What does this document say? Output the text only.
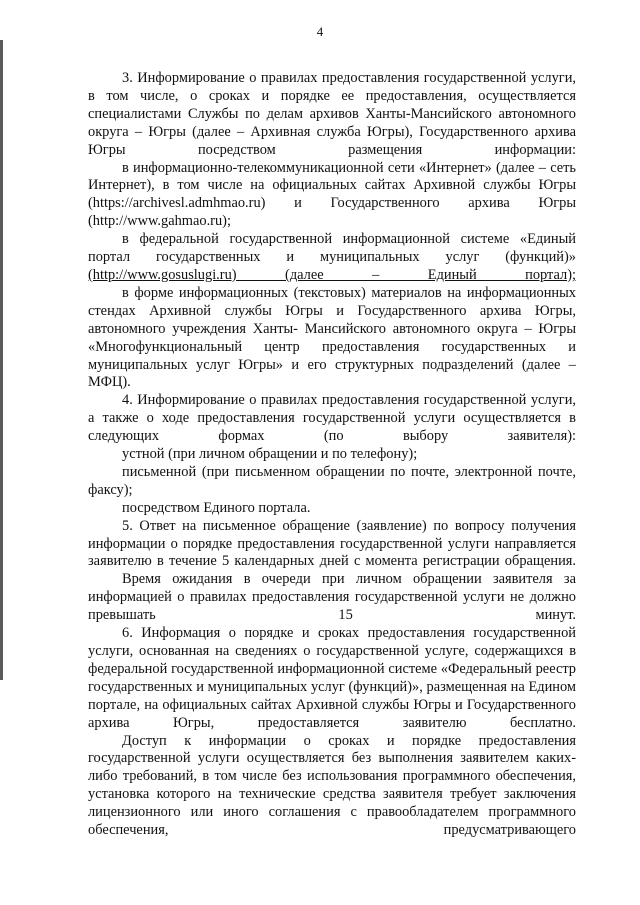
4

3. Информирование о правилах предоставления государственной услуги, в том числе, о сроках и порядке ее предоставления, осуществляется специалистами Службы по делам архивов Ханты-Мансийского автономного округа – Югры (далее – Архивная служба Югры), Государственного архива Югры посредством размещения информации:

в информационно-телекоммуникационной сети «Интернет» (далее – сеть Интернет), в том числе на официальных сайтах Архивной службы Югры (https://archivesl.admhmao.ru) и Государственного архива Югры (http://www.gahmao.ru);

в федеральной государственной информационной системе «Единый портал государственных и муниципальных услуг (функций)» (http://www.gosuslugi.ru) (далее – Единый портал);

в форме информационных (текстовых) материалов на информационных стендах Архивной службы Югры и Государственного архива Югры, автономного учреждения Ханты- Мансийского автономного округа – Югры «Многофункциональный центр предоставления государственных и муниципальных услуг Югры» и его структурных подразделений (далее – МФЦ).

4. Информирование о правилах предоставления государственной услуги, а также о ходе предоставления государственной услуги осуществляется в следующих формах (по выбору заявителя):

устной (при личном обращении и по телефону);

письменной (при письменном обращении по почте, электронной почте, факсу);

посредством Единого портала.

5. Ответ на письменное обращение (заявление) по вопросу получения информации о порядке предоставления государственной услуги направляется заявителю в течение 5 календарных дней с момента регистрации обращения.

Время ожидания в очереди при личном обращении заявителя за информацией о правилах предоставления государственной услуги не должно превышать 15 минут.

6. Информация о порядке и сроках предоставления государственной услуги, основанная на сведениях о государственной услуге, содержащихся в федеральной государственной информационной системе «Федеральный реестр государственных и муниципальных услуг (функций)», размещенная на Едином портале, на официальных сайтах Архивной службы Югры и Государственного архива Югры, предоставляется заявителю бесплатно.

Доступ к информации о сроках и порядке предоставления государственной услуги осуществляется без выполнения заявителем каких-либо требований, в том числе без использования программного обеспечения, установка которого на технические средства заявителя требует заключения лицензионного или иного соглашения с правообладателем программного обеспечения, предусматривающего
